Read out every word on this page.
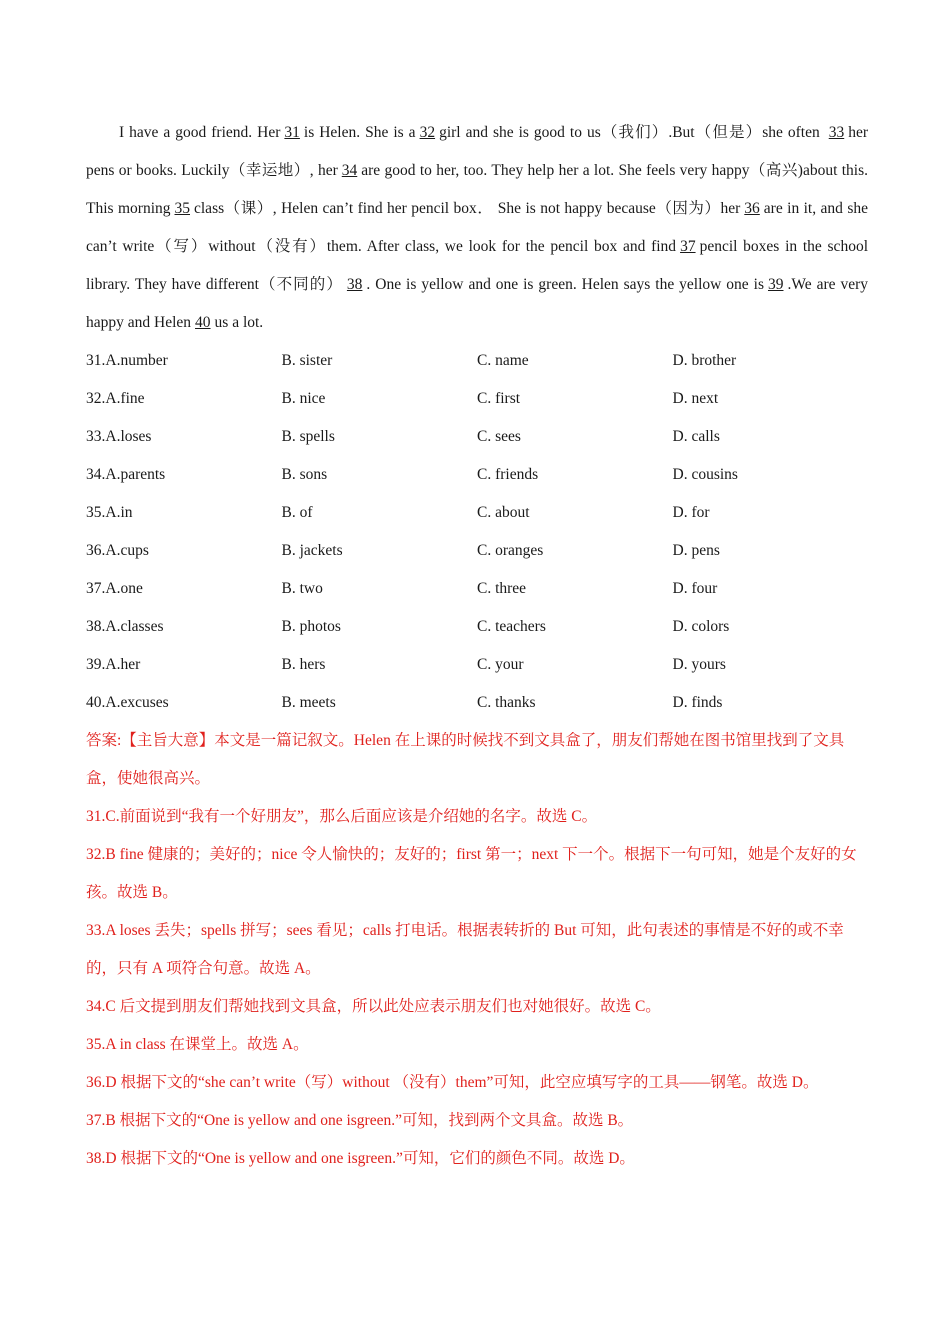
I have a good friend. Her 31 is Helen. She is a 32 girl and she is good to us（我们）.But（但是）she often 33 her pens or books. Luckily（幸运地）, her 34 are good to her, too. They help her a lot. She feels very happy（高兴)about this. This morning 35 class（课）, Helen can’t find her pencil box． She is not happy because（因为）her 36 are in it, and she can’t write（写）without（没有）them. After class, we look for the pencil box and find 37 pencil boxes in the school library. They have different（不同的） 38 . One is yellow and one is green. Helen says the yellow one is 39 .We are very happy and Helen 40 us a lot.

31.A.number	B. sister	C. name	D. brother
32.A.fine	B. nice	C. first	D. next
33.A.loses	B. spells	C. sees	D. calls
34.A.parents	B. sons	C. friends	D. cousins
35.A.in	B. of	C. about	D. for
36.A.cups	B. jackets	C. oranges	D. pens
37.A.one	B. two	C. three	D. four
38.A.classes	B. photos	C. teachers	D. colors
39.A.her	B. hers	C. your	D. yours
40.A.excuses	B. meets	C. thanks	D. finds

答案:【主旨大意】本文是一篇记叙文。Helen 在上课的时候找不到文具盒了，朋友们帮她在图书馆里找到了文具盒，使她很高兴。

31.C.前面说到“我有一个好朋友”，那么后面应该是介绍她的名字。故选 C。

32.B fine 健康的；美好的；nice 令人愉快的；友好的；first 第一；next 下一个。根据下一句可知，她是个友好的女孩。故选 B。

33.A loses 丢失；spells 拼写；sees 看见；calls 打电话。根据表转折的 But 可知，此句表述的事情是不好的或不幸的，只有 A 项符合句意。故选 A。

34.C 后文提到朋友们帮她找到文具盒，所以此处应表示朋友们也对她很好。故选 C。

35.A in class 在课堂上。故选 A。

36.D 根据下文的“she can’t write（写）without （没有）them”可知，此空应填写字的工具——钢笔。故选 D。

37.B 根据下文的“One is yellow and one isgreen.”可知，找到两个文具盒。故选 B。

38.D 根据下文的“One is yellow and one isgreen.”可知，它们的颜色不同。故选 D。
